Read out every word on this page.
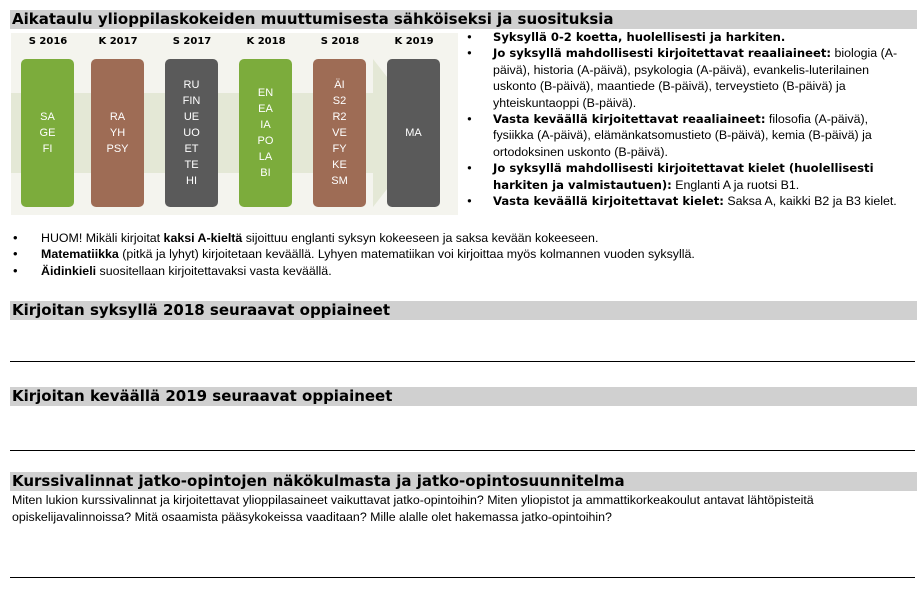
Aikataulu ylioppilaskokeiden muuttumisesta sähköiseksi ja suosituksia
S 2016
SA
GE
FI
K 2017
RA
YH
PSY
S 2017
RU
FIN
UE
UO
ET
TE
HI
K 2018
EN
EA
IA
PO
LA
BI
S 2018
ÄI
S2
R2
VE
FY
KE
SM
K 2019
MA
• Syksyllä 0-2 koetta, huolellisesti ja harkiten.
• Jo syksyllä mahdollisesti kirjoitettavat reaaliaineet: biologia (A-päivä), historia (A-päivä), psykologia (A-päivä), evankelis-luterilainen uskonto (B-päivä), maantiede (B-päivä), terveystieto (B-päivä) ja yhteiskuntaoppi (B-päivä).
• Vasta keväällä kirjoitettavat reaaliaineet: filosofia (A-päivä), fysiikka (A-päivä), elämänkatsomustieto (B-päivä), kemia (B-päivä) ja ortodoksinen uskonto (B-päivä).
• Jo syksyllä mahdollisesti kirjoitettavat kielet (huolellisesti harkiten ja valmistautuen): Englanti A ja ruotsi B1.
• Vasta keväällä kirjoitettavat kielet: Saksa A, kaikki B2 ja B3 kielet.
• HUOM! Mikäli kirjoitat kaksi A-kieltä sijoittuu englanti syksyn kokeeseen ja saksa kevään kokeeseen.
• Matematiikka (pitkä ja lyhyt) kirjoitetaan keväällä. Lyhyen matematiikan voi kirjoittaa myös kolmannen vuoden syksyllä.
• Äidinkieli suositellaan kirjoitettavaksi vasta keväällä.
Kirjoitan syksyllä 2018 seuraavat oppiaineet
Kirjoitan keväällä 2019 seuraavat oppiaineet
Kurssivalinnat jatko-opintojen näkökulmasta ja jatko-opintosuunnitelma
Miten lukion kurssivalinnat ja kirjoitettavat ylioppilasaineet vaikuttavat jatko-opintoihin? Miten yliopistot ja ammattikorkeakoulut antavat lähtöpisteitä opiskelijavalinnoissa? Mitä osaamista pääsykokeissa vaaditaan? Mille alalle olet hakemassa jatko-opintoihin?
